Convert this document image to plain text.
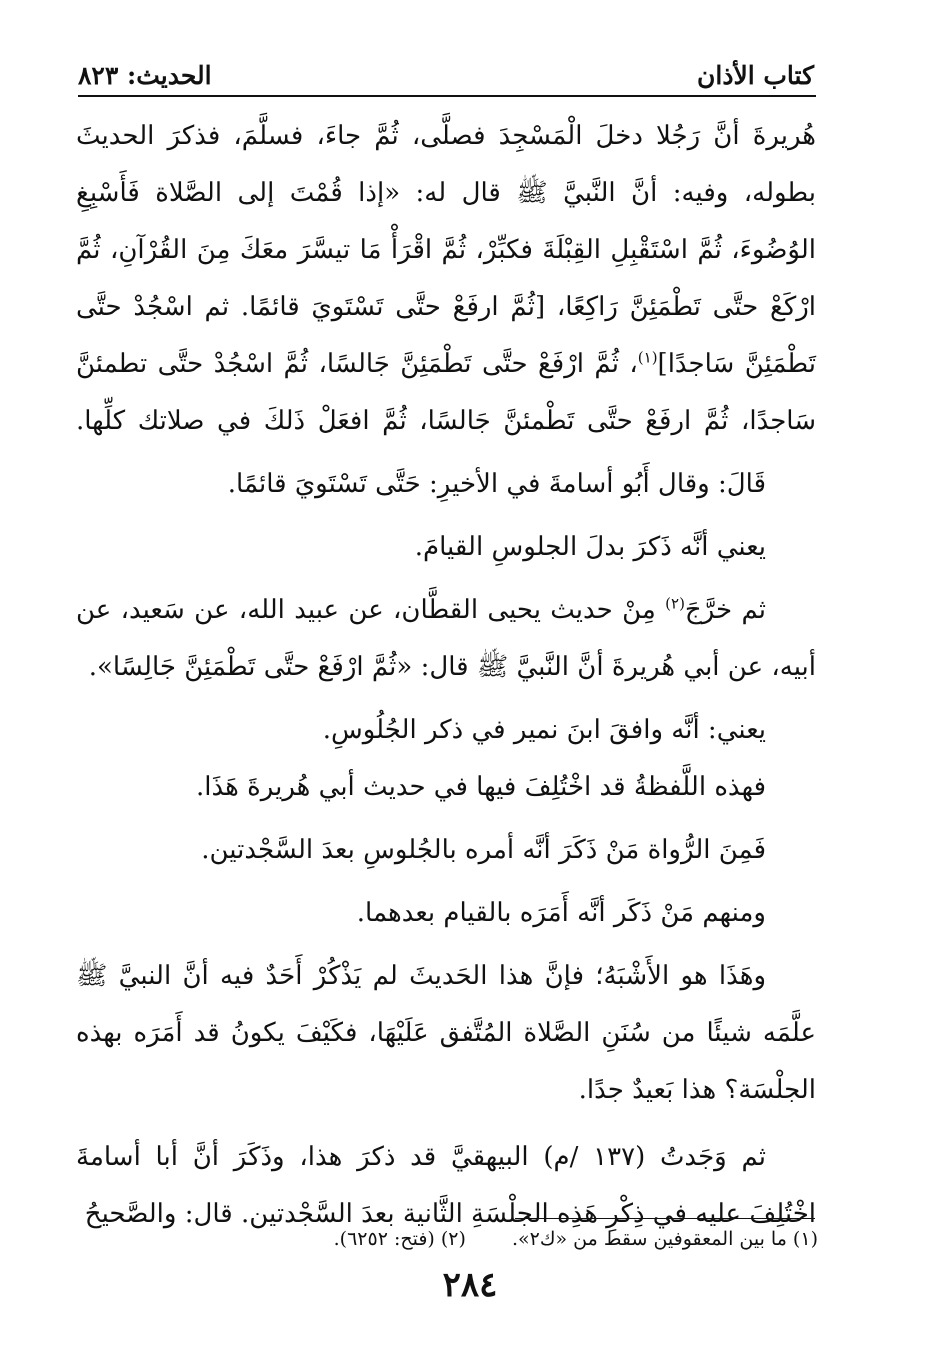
الحديث: ٨٢٣	كتاب الأذان

هُريرةَ أنَّ رَجُلا دخلَ الْمَسْجِدَ فصلَّى، ثُمَّ جاءَ، فسلَّمَ، فذكرَ الحديثَ بطوله، وفيه: أنَّ النَّبيَّ ﷺ قال له: «إذا قُمْتَ إلى الصَّلاة فَأَسْبِغِ الوُضُوءَ، ثُمَّ اسْتَقْبِلِ القِبْلَةَ فكبِّرْ، ثُمَّ اقْرَأْ مَا تيسَّرَ معَكَ مِنَ القُرْآنِ، ثُمَّ ارْكَعْ حتَّى تَطْمَئِنَّ رَاكِعًا، [ثُمَّ ارفَعْ حتَّى تَسْتَويَ قائمًا. ثم اسْجُدْ حتَّى تَطْمَئِنَّ سَاجدًا]$^{(١)}$، ثُمَّ ارْفَعْ حتَّى تَطْمَئِنَّ جَالسًا، ثُمَّ اسْجُدْ حتَّى تطمئنَّ سَاجدًا، ثُمَّ ارفَعْ حتَّى تَطْمئنَّ جَالسًا، ثُمَّ افعَلْ ذَلكَ في صلاتك كلِّها.

قَالَ: وقال أَبُو أسامةَ في الأخيرِ: حَتَّى تَسْتَويَ قائمًا.

يعني أنَّه ذَكرَ بدلَ الجلوسِ القيامَ.

ثم خرَّجَ$^{(٢)}$ مِنْ حديث يحيى القطَّان، عن عبيد الله، عن سَعيد، عن أبيه، عن أبي هُريرةَ أنَّ النَّبيَّ ﷺ قال: «ثُمَّ ارْفَعْ حتَّى تَطْمَئِنَّ جَالِسًا».

يعني: أنَّه وافقَ ابنَ نمير في ذكر الجُلُوسِ.

فهذه اللَّفظةُ قد اخْتُلِفَ فيها في حديث أبي هُريرةَ هَذَا.

فَمِنَ الرُّواة مَنْ ذَكَرَ أنَّه أمره بالجُلوسِ بعدَ السَّجْدتين.

ومنهم مَنْ ذَكَر أنَّه أَمَرَه بالقيام بعدهما.

وهَذَا هو الأَشْبَهُ؛ فإنَّ هذا الحَديثَ لم يَذْكُرْ أَحَدٌ فيه أنَّ النبيَّ ﷺ علَّمَه شيئًا من سُنَنِ الصَّلاة المُتَّفق عَلَيْهَا، فكَيْفَ يكونُ قد أَمَرَه بهذه الجلْسَة؟ هذا بَعيدٌ جدًا.

ثم وَجَدتُ (١٣٧ /م) البيهقيَّ قد ذكرَ هذا، وذَكَرَ أنَّ أبا أسامةَ اخْتُلِفَ عليه في ذِكْرِ هَذِه الجلْسَةِ الثَّانية بعدَ السَّجْدتين. قال: والصَّحيحُ

(١) ما بين المعقوفين سقط من «ك٢».
(٢) (فتح: ٦٢٥٢).
٢٨٤
